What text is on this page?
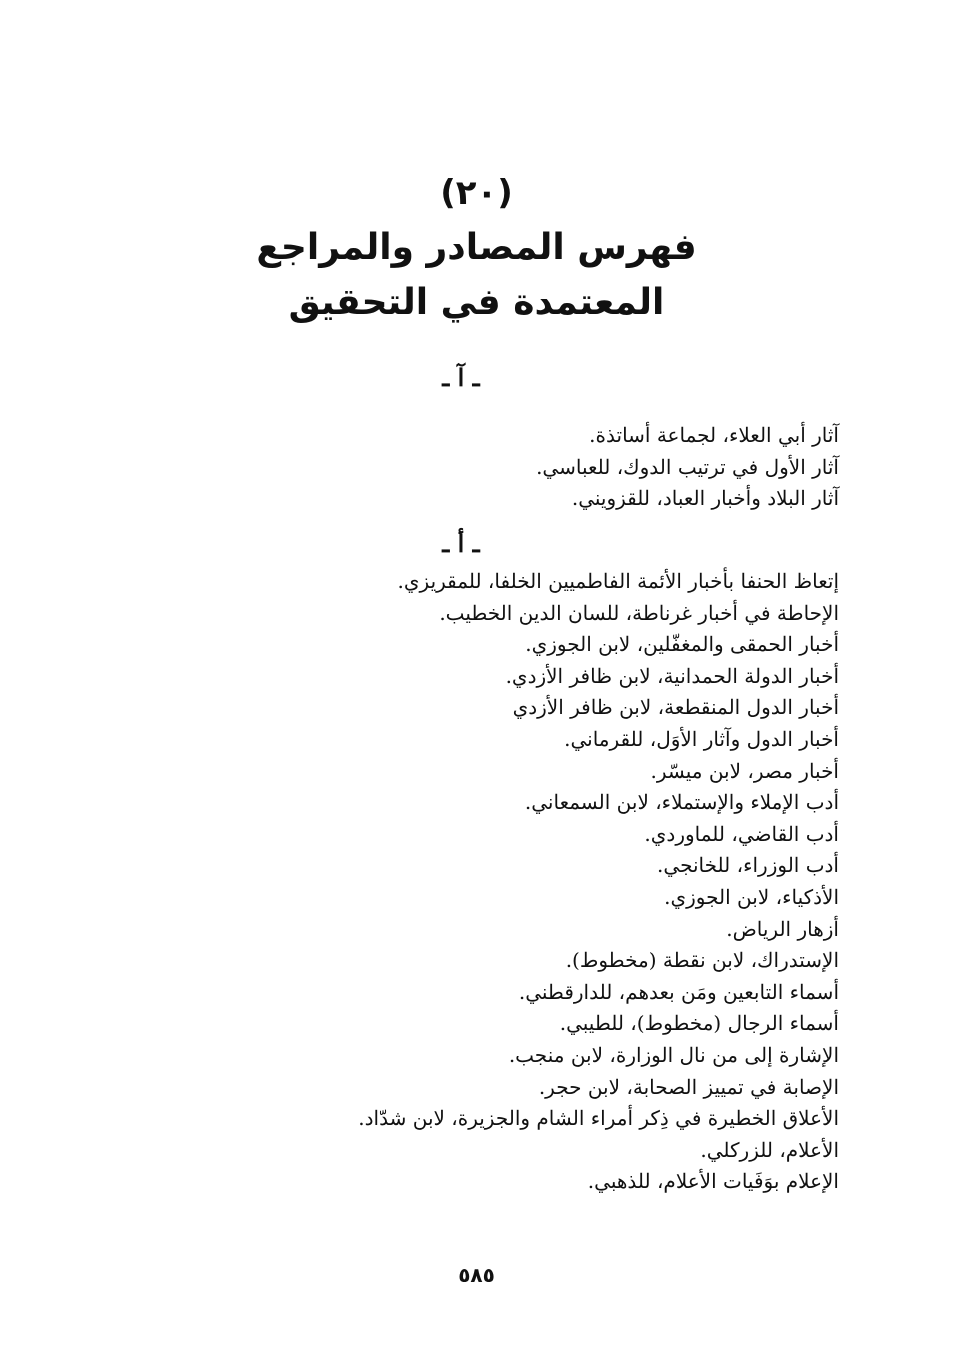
(٢٠)
فهرس المصادر والمراجع
المعتمدة في التحقيق
ـ آ ـ
آثار أبي العلاء، لجماعة أساتذة.
آثار الأول في ترتيب الدوك، للعباسي.
آثار البلاد وأخبار العباد، للقزويني.
ـ أ ـ
إتعاظ الحنفا بأخبار الأئمة الفاطميين الخلفا، للمقريزي.
الإحاطة في أخبار غرناطة، للسان الدين الخطيب.
أخبار الحمقى والمغفّلين، لابن الجوزي.
أخبار الدولة الحمدانية، لابن ظافر الأزدي.
أخبار الدول المنقطعة، لابن ظافر الأزدي
أخبار الدول وآثار الأوَل، للقرماني.
أخبار مصر، لابن ميسّر.
أدب الإملاء والإستملاء، لابن السمعاني.
أدب القاضي، للماوردي.
أدب الوزراء، للخانجي.
الأذكياء، لابن الجوزي.
أزهار الرياض.
الإستدراك، لابن نقطة (مخطوط).
أسماء التابعين ومَن بعدهم، للدارقطني.
أسماء الرجال (مخطوط)، للطيبي.
الإشارة إلى من نال الوزارة، لابن منجب.
الإصابة في تمييز الصحابة، لابن حجر.
الأعلاق الخطيرة في ذِكر أمراء الشام والجزيرة، لابن شدّاد.
الأعلام، للزركلي.
الإعلام بوَفَيات الأعلام، للذهبي.
٥٨٥
